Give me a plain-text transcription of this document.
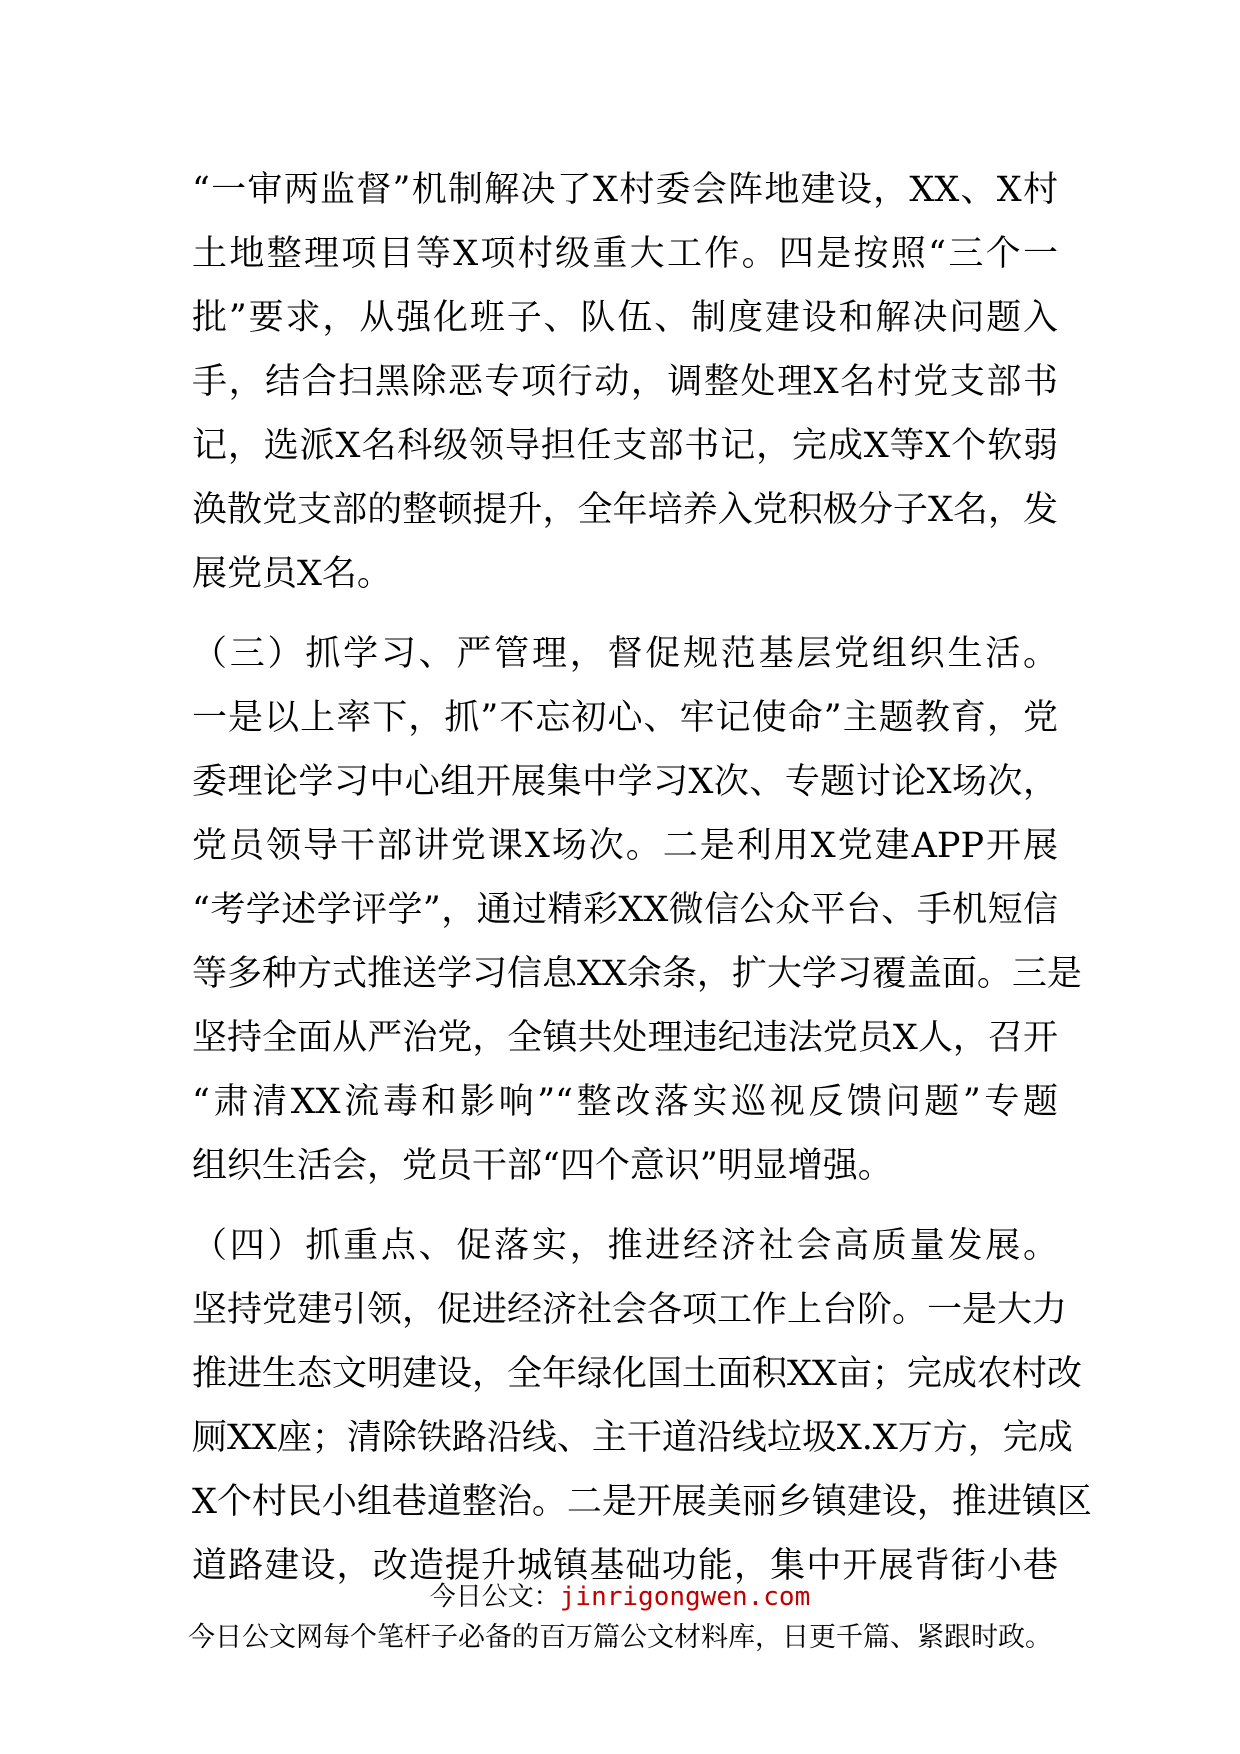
“一审两监督”机制解决了X村委会阵地建设，XX、X村
土地整理项目等X项村级重大工作。四是按照“三个一
批”要求，从强化班子、队伍、制度建设和解决问题入
手，结合扫黑除恶专项行动，调整处理X名村党支部书
记，选派X名科级领导担任支部书记，完成X等X个软弱
涣散党支部的整顿提升，全年培养入党积极分子X名，发
展党员X名。
（三）抓学习、严管理，督促规范基层党组织生活。
一是以上率下，抓”不忘初心、牢记使命”主题教育，党
委理论学习中心组开展集中学习X次、专题讨论X场次，
党员领导干部讲党课X场次。二是利用X党建APP开展
“考学述学评学”，通过精彩XX微信公众平台、手机短信
等多种方式推送学习信息XX余条，扩大学习覆盖面。三是
坚持全面从严治党，全镇共处理违纪违法党员X人，召开
“肃清XX流毒和影响”“整改落实巡视反馈问题”专题
组织生活会，党员干部“四个意识”明显增强。
（四）抓重点、促落实，推进经济社会高质量发展。
坚持党建引领，促进经济社会各项工作上台阶。一是大力
推进生态文明建设，全年绿化国土面积XX亩；完成农村改
厕XX座；清除铁路沿线、主干道沿线垃圾X.X万方，完成
X个村民小组巷道整治。二是开展美丽乡镇建设，推进镇区
道路建设，改造提升城镇基础功能，集中开展背街小巷
今日公文：jinrigongwen.com
今日公文网每个笔杆子必备的百万篇公文材料库，日更千篇、紧跟时政。
